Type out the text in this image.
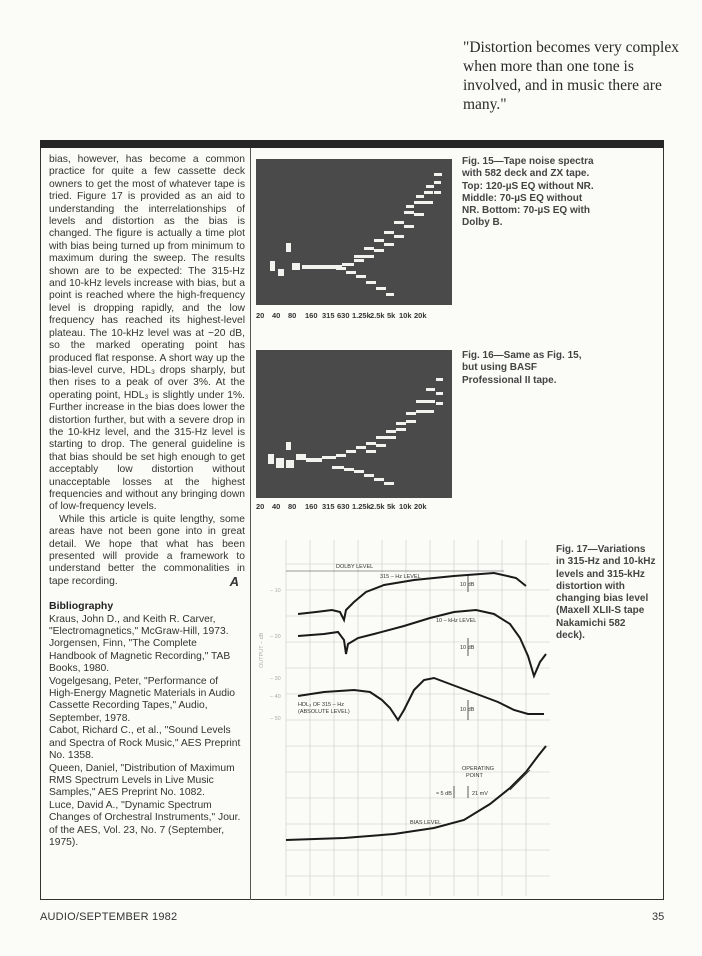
"Distortion becomes very complex when more than one tone is involved, and in music there are many."

bias, however, has become a common practice for quite a few cassette deck owners to get the most of whatever tape is tried. Figure 17 is provided as an aid to understanding the interrelationships of levels and distortion as the bias is changed. The figure is actually a time plot with bias being turned up from minimum to maximum during the sweep. The results shown are to be expected: The 315-Hz and 10-kHz levels increase with bias, but a point is reached where the high-frequency level is dropping rapidly, and the low frequency has reached its highest-level plateau. The 10-kHz level was at −20 dB, so the marked operating point has produced flat response. A short way up the bias-level curve, HDL₃ drops sharply, but then rises to a peak of over 3%. At the operating point, HDL₃ is slightly under 1%. Further increase in the bias does lower the distortion further, but with a severe drop in the 10-kHz level, and the 315-Hz level is starting to drop. The general guideline is that bias should be set high enough to get acceptably low distortion without unacceptable losses at the highest frequencies and without any bringing down of low-frequency levels.

While this article is quite lengthy, some areas have not been gone into in great detail. We hope that what has been presented will provide a framework to understand better the commonalities in tape recording.	A

Bibliography

Kraus, John D., and Keith R. Carver, "Electromagnetics," McGraw-Hill, 1973.

Jorgensen, Finn, "The Complete Handbook of Magnetic Recording," TAB Books, 1980.

Vogelgesang, Peter, "Performance of High-Energy Magnetic Materials in Audio Cassette Recording Tapes," Audio, September, 1978.

Cabot, Richard C., et al., "Sound Levels and Spectra of Rock Music," AES Preprint No. 1358.

Queen, Daniel, "Distribution of Maximum RMS Spectrum Levels in Live Music Samples," AES Preprint No. 1082.

Luce, David A., "Dynamic Spectrum Changes of Orchestral Instruments," Jour. of the AES, Vol. 23, No. 7 (September, 1975).

20 40 80 160 315 630 1.25k2.5k 5k 10k 20k
Fig. 15—Tape noise spectra with 582 deck and ZX tape. Top: 120-µS EQ without NR. Middle: 70-µS EQ without NR. Bottom: 70-µS EQ with Dolby B.
20 40 80 160 315 630 1.25k2.5k 5k 10k 20k
Fig. 16—Same as Fig. 15, but using BASF Professional II tape.
DOLBY LEVEL
315 – Hz LEVEL
10 dB
10 – kHz LEVEL
10 dB
HDL₃ OF 315 – Hz
(ABSOLUTE LEVEL)	10 dB
OPERATING
POINT
≈ 5 dB	21 mV
BIAS LEVEL
OUTPUT – dB
– 10
– 20
– 30
– 40
– 50
Fig. 17—Variations in 315-Hz and 10-kHz levels and 315-kHz distortion with changing bias level (Maxell XLII-S tape Nakamichi 582 deck).
AUDIO/SEPTEMBER 1982	35
